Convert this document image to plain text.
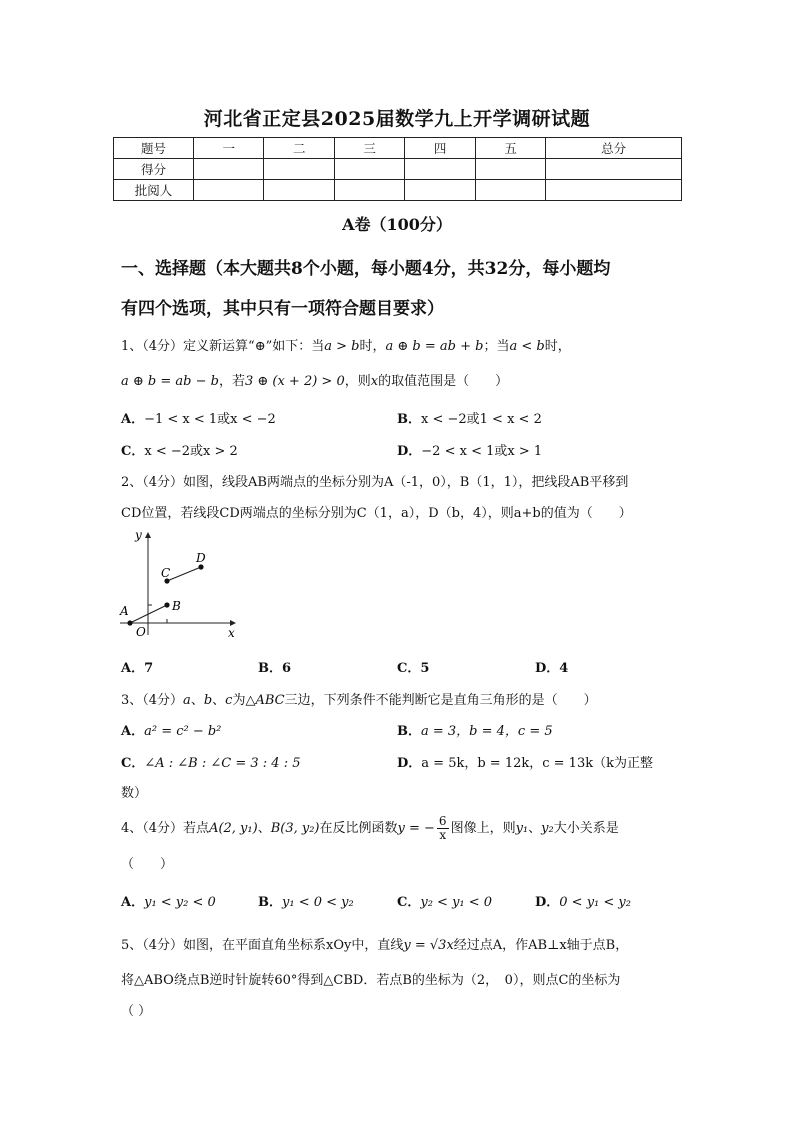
河北省正定县2025届数学九上开学调研试题
题号	一	二	三	四	五	总分
得分						
批阅人						
A卷（100分）
一、选择题（本大题共8个小题，每小题4分，共32分，每小题均
有四个选项，其中只有一项符合题目要求）
1、（4分）定义新运算“⊕”如下：当a > b时，a ⊕ b = ab + b；当a < b时，
a ⊕ b = ab − b，若3 ⊕ (x + 2) > 0，则x的取值范围是（　　）
A．−1 < x < 1或x < −2	B．x < −2或1 < x < 2
C．x < −2或x > 2	D．−2 < x < 1或x > 1
2、（4分）如图，线段AB两端点的坐标分别为A（-1，0），B（1，1），把线段AB平移到
CD位置，若线段CD两端点的坐标分别为C（1，a），D（b，4），则a+b的值为（　　）
y
x
O
A	B
C
D
A．7	B．6	C．5	D．4
3、（4分）a、b、c为△ABC三边，下列条件不能判断它是直角三角形的是（　　）
A．a² = c² − b²	B．a = 3，b = 4，c = 5
C．∠A : ∠B : ∠C = 3 : 4 : 5	D．a = 5k，b = 12k，c = 13k（k为正整
数）
4、（4分）若点A(2, y₁)、B(3, y₂)在反比例函数y = − $\frac{6}{x}$ 图像上，则y₁、y₂大小关系是
（　　）
A．y₁ < y₂ < 0	B．y₁ < 0 < y₂	C．y₂ < y₁ < 0	D．0 < y₁ < y₂
5、（4分）如图，在平面直角坐标系xOy中，直线y = √3x经过点A，作AB⊥x轴于点B，
将△ABO绕点B逆时针旋转60°得到△CBD．若点B的坐标为（2，　0），则点C的坐标为
（ ）
